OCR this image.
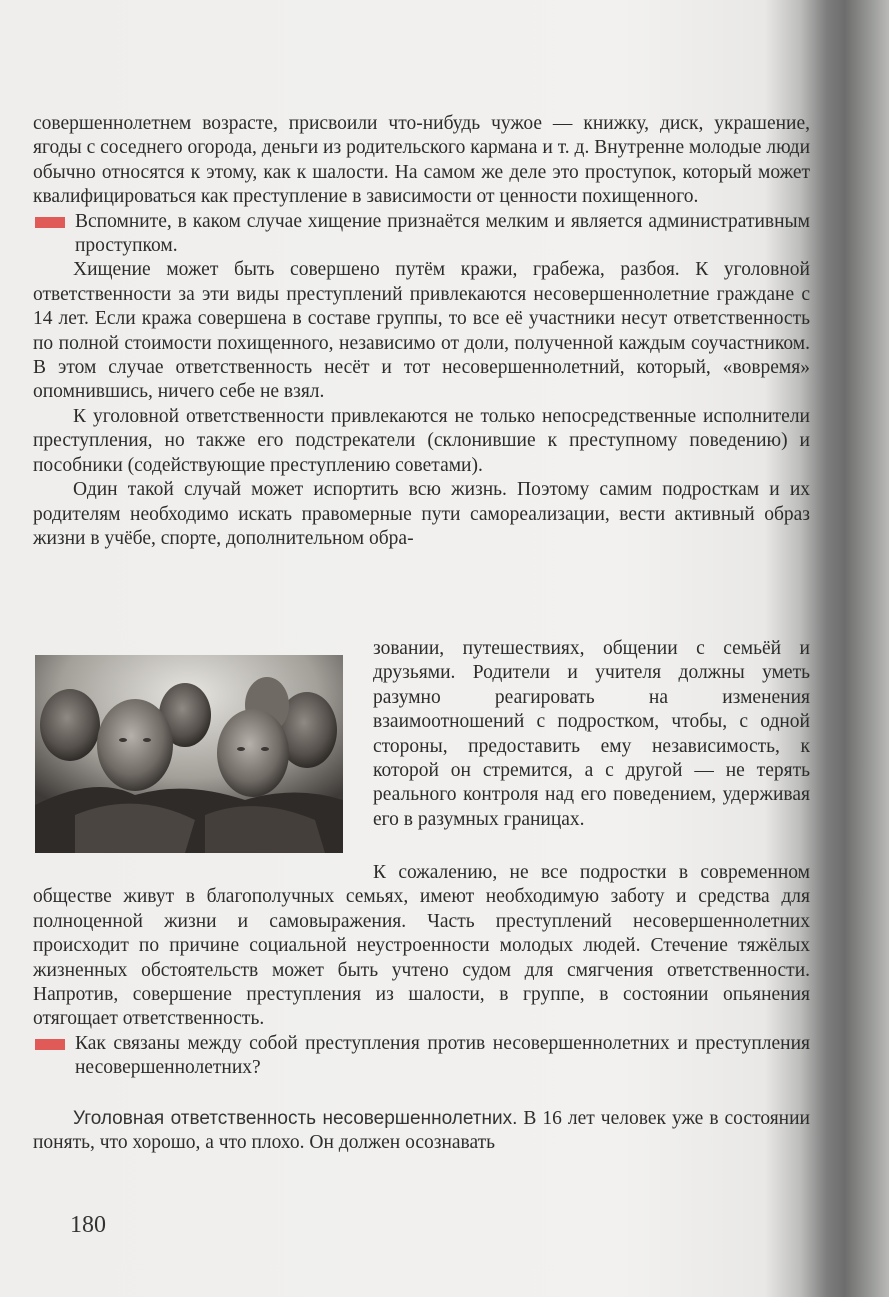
совершеннолетнем возрасте, присвоили что-нибудь чужое — книжку, диск, украшение, ягоды с соседнего огорода, деньги из родительского кармана и т. д. Внутренне молодые люди обычно относятся к этому, как к шалости. На самом же деле это проступок, который может квалифицироваться как преступление в зависимости от ценности похищенного.

Вспомните, в каком случае хищение признаётся мелким и является административным проступком.

Хищение может быть совершено путём кражи, грабежа, разбоя. К уголовной ответственности за эти виды преступлений привлекаются несовершеннолетние граждане с 14 лет. Если кража совершена в составе группы, то все её участники несут ответственность по полной стоимости похищенного, независимо от доли, полученной каждым соучастником. В этом случае ответственность несёт и тот несовершеннолетний, который, «вовремя» опомнившись, ничего себе не взял.

К уголовной ответственности привлекаются не только непосредственные исполнители преступления, но также его подстрекатели (склонившие к преступному поведению) и пособники (содействующие преступлению советами).

Один такой случай может испортить всю жизнь. Поэтому самим подросткам и их родителям необходимо искать правомерные пути самореализации, вести активный образ жизни в учёбе, спорте, дополнительном обра-

зовании, путешествиях, общении с семьёй и друзьями. Родители и учителя должны уметь разумно реагировать на изменения взаимоотношений с подростком, чтобы, с одной стороны, предоставить ему независимость, к которой он стремится, а с другой — не терять реального контроля над его поведением, удерживая его в разумных границах.

К сожалению, не все подростки в современном обществе живут в благополучных семьях, имеют необходимую заботу и средства для полноценной жизни и самовыражения. Часть преступлений несовершеннолетних происходит по причине социальной неустроенности молодых людей. Стечение тяжёлых жизненных обстоятельств может быть учтено судом для смягчения ответственности. Напротив, совершение преступления из шалости, в группе, в состоянии опьянения отягощает ответственность.

Как связаны между собой преступления против несовершеннолетних и преступления несовершеннолетних?

Уголовная ответственность несовершеннолетних. В 16 лет человек уже в состоянии понять, что хорошо, а что плохо. Он должен осознавать

180
